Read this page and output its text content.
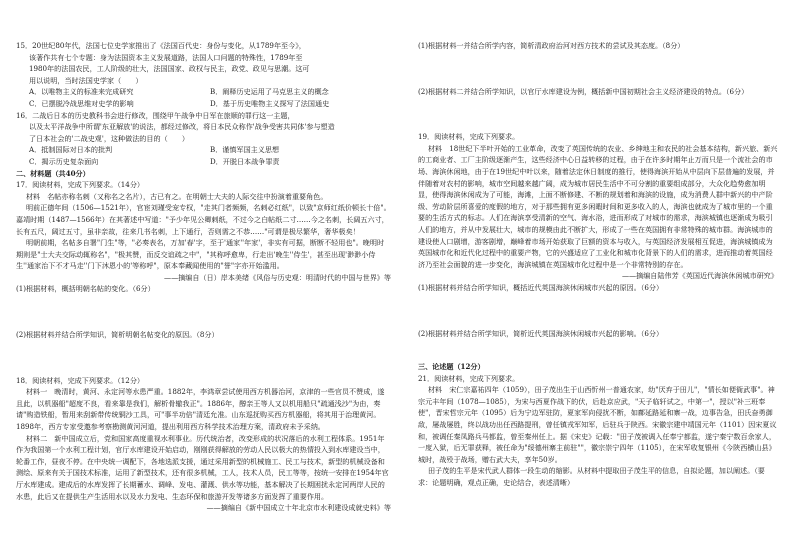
15．20世纪80年代，法国七位史学家推出了《法国百代史：身份与变化，从1789年至今》，

该著作共有七个专题：身为法国资本主义发展道路，法国人口问题的特殊性，1789年至

1980年的法国农民，工人阶级的壮大，法国国家、政权与民主，政党、政见与思潮。这可

用以说明，当时法国史学家（　　）

A．以唯物主义的标准来完成研究	B．阐释历史运用了马克思主义的概念
C．已摆脱冷战思维对史学的影响	D．基于历史唯物主义探写了法国通史

16．二战后日本的历史教科书会进行修改，围绕甲午战争中日军在旅顺的罪行这一主题，

以及太平洋战争中所谓'东亚解放'的说法，都经过修改，将日本民众称作'战争受害共同体'参与塑造

了日本社会的'二战史观'，这种做法的目的（　　）

A．抵制国际对日本的批判	B．谨慎军国主义思想
C．揭示历史复杂面向	D．开脱日本战争罪责

二、材料题（共40分）

17．阅读材料，完成下列要求。（14分）

材料　名帖亦称名刺（又称名之名片），古已有之。在明朝士大夫的人际交往中扮演着重要角色。

明前正德年间（1506—1521年），官宦刘瑾受宠专权，"走其门者频频，名刺必红纸"，以致"京师红纸价顿长十倍"。嘉靖时期（1487—1566年）在其著述中写道："予少年见公卿刺纸，不过今之白帖纸二寸……今之名刺，长阔五六寸，长有五尺，阔过五寸，虽非亲故，往来几书名刺，上下通行，否则需之不恭……"可谓是极尽繁华，奢华极矣！

明朝前期，名帖多自署"门生"等，"必奏表名，万加'春'字，至于'通家''年家'，非实有可据，断断不轻用也"。晚明时期则是"士大夫交际动辄称名"，"极其赞，而反交谊疏之中"，"其称呼愈卑，行走出'晚生''侍生'，甚至出现'渺渺小侍生''通家治下不才马走''门下沐恩小的'等称呼"，原本奉藏闻使用的"誉"字亦开始滥用。

——摘编自（日）岸本美绪《风俗与历史观：明清时代的中国与世界》等

(1)根据材料，概括明朝名帖的变化。（6分）

(2)根据材料并结合所学知识，简析明朝名帖变化的原因。（8分）

18．阅读材料，完成下列要求。（12分）

材料一　晚清时，黄河、永定河等水患严重。1882年，李鸿章尝试使用西方机器治河，京津的一些官员不赞成，遂且此，以机器船"超度不良，看来靠是我们，解析骨辙我正"。1886年，醇亲王等人又以机用船只"疏通浅沙"为由，奏请"购造铁船，暂用来刮新带传统铜沙工具，可"事半功倍"清廷允准。山东巡抚购买西方机器船，将其用于治理黄河。1898年，西方专家受邀参考察勘测黄河河道，提出利用西方科学技术治理方案，清政府未予采纳。

材料二　新中国成立后，党和国家高度重视水利事业。历代统治者，改变形成的状况落后的水利工程体系。1951年作为我国第一个水利工程计划，官厅水库建设开始启动，刚刚获得解放的劳动人民以极大的热情投入到水库建设当中，轮番工作，昼夜不停。在中央统一调配下，各地选派支援，通过采用新型的机械施工、民工与技术，新型的机械设备和测绘、原来有关于国技术标准，运用了新型技术，还有很多机械，工人，技术人员，民工等等，按统一安排在1954年官厅水库建成。建成后的水库发挥了长期蓄水、调峰、发电、灌溉、供水等功能，基本解决了长期困扰永定河两岸人民的水患，此后又在提供生产生活用水以及水力发电、生态环保和旅游开发等诸多方面发挥了重要作用。

——摘编自《新中国成立十年北京市水利建设成就史料》等

(1)根据材料一并结合所学内容，简析清政府治河对西方技术的尝试及其态度。（8分）

(2)根据材料二并结合所学知识，以官厅水库建设为例，概括新中国初期社会主义经济建设的特点。（6分）

19．阅读材料，完成下列要求。

材料　18世纪下半叶开始的工业革命，改变了英国传统的农业、乡绅地主和农民的社会基本结构，新兴旅、新兴的工商业者、工厂主阶级逐渐产生，这些经济中心日益转移的过程，由于在许多时期年止万而只是一个流社会的市场、海滨休闲地，由于在19世纪中叶以来，随着法定休日制度的推行，使得海滨开始从中层向下层普遍的发展，并伴随着对农村的影响，城市空间越来越广阔，成为城市居民生活中不可分割的重要组成部分，大众化趋势愈加明显，使得海滨休闲成为了可能，海滩，上面不断修建、不断的规划着和海滨的设施，成为消费人群中新兴的中产阶级、劳动阶层所喜爱的度假的地方，对于那些拥有更多闲暇时间和更多收入的人，海滨也就成为了城市里的一个重要的生活方式的标志。人们在海滨享受清新的空气、海水浴，进而形成了对城市的需求，海滨城镇也逐渐成为吸引人们的地方，并从中发展壮大，城市的规模由此不断扩大，形成了一些在英国拥有非常特殊的城市群。海滨城市的建设使人口剧增，游客剧增，巅峰着市场开始获取了巨额的资本与收入，与英国经济发展相互促进，海滨城镇成为英国城市化和近代化过程中的重要产物，它的兴盛适应了工业化和城市化背景下的人们的需求，进而推动着英国经济乃至社会面貌的进一步变化，海滨城镇在英国城市化过程中是一个非常特别的存在。

——摘编自陆伟芳《英国近代海滨休闲城市研究》

(1)根据材料并结合所学知识，概括近代英国海滨休闲城市兴起的原因。（6分）

(2)根据材料并结合所学知识，简析近代英国海滨休闲城市兴起的影响。（6分）

三、论述题（12分）

21．阅读材料，完成下列要求。

材料　宋仁宗嘉祐四年（1059），田子茂出生于山西忻州一普通农家，幼"厌弃于田儿"，"情长如便衙武事"。神宗元丰年间（1078—1085），为宋与西夏作战下的伏，后赴京应武，"天子临轩试之，中第一"，授以"补三班奉使"，晋宋哲宗元年（1095）后为宁边军驻防，夏家军向侵扰不断，如鄜延路延和寨一战，边事告急，田氏奋勇御敌，屡战屡胜，终以战功出任西路提刑，曾任镇戎军知军，后驻兵于陕西。宋徽宗建中靖国元年（1101）因宋夏议和，被调任秦凤路兵马都监，曾至秦州任上。据《宋史》记载："田子茂被调入任奉宁都监，遂宁秦宁数百余家人，一度入狱，后无罪获释，被任命为"绥德州寨主前驻""，徽宗崇宁四年（1105），在宋军收复银州《今陕西横山县》城时，战殁于战场，赠右武大夫，享年50岁。

田子茂的生平是宋代武人群体一段生动的缩影。从材料中提取田子茂生平的信息，自拟论题，加以阐述。（要求：论题明确，观点正确，史论结合，表述清晰）
